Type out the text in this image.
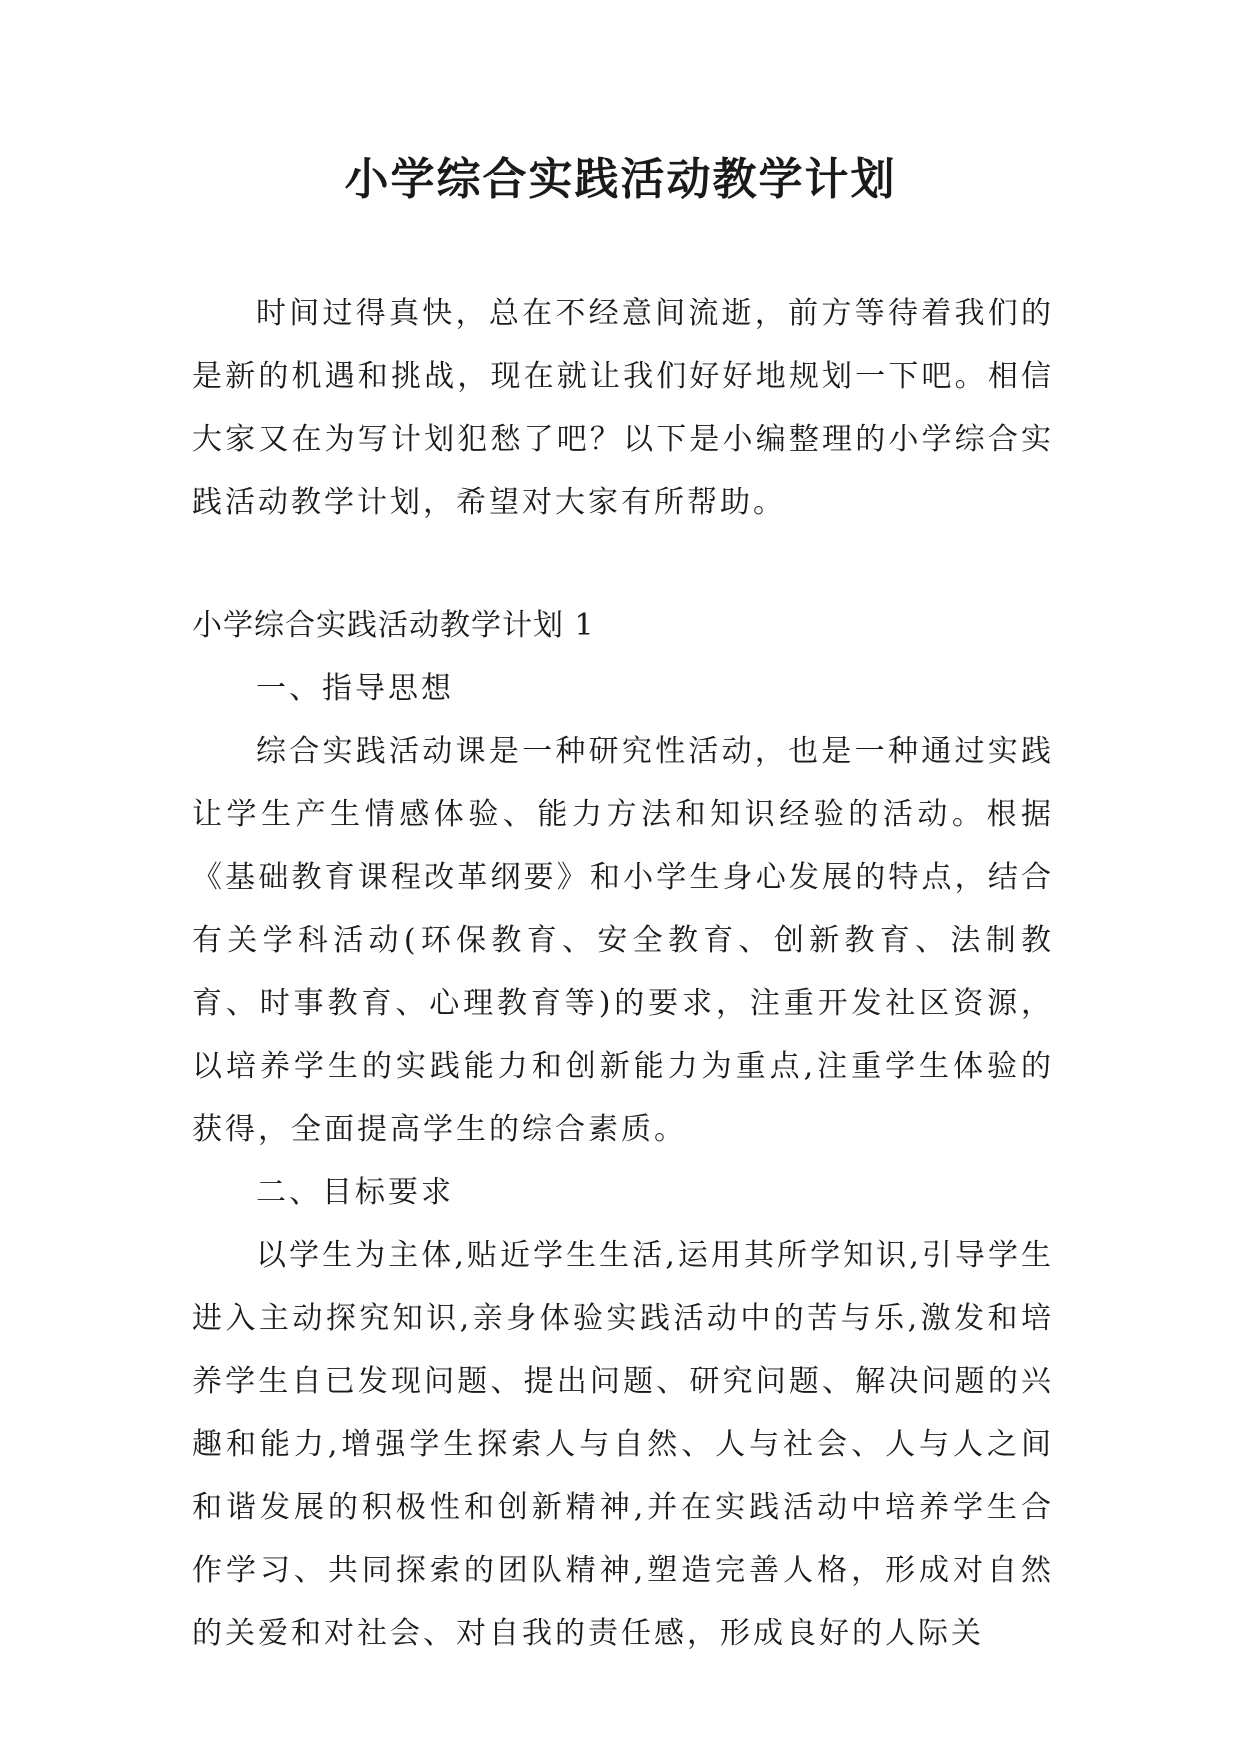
小学综合实践活动教学计划

时间过得真快，总在不经意间流逝，前方等待着我们的是新的机遇和挑战，现在就让我们好好地规划一下吧。相信大家又在为写计划犯愁了吧？以下是小编整理的小学综合实践活动教学计划，希望对大家有所帮助。

小学综合实践活动教学计划 1

一、指导思想

综合实践活动课是一种研究性活动，也是一种通过实践让学生产生情感体验、能力方法和知识经验的活动。根据《基础教育课程改革纲要》和小学生身心发展的特点，结合有关学科活动(环保教育、安全教育、创新教育、法制教育、时事教育、心理教育等)的要求，注重开发社区资源，以培养学生的实践能力和创新能力为重点,注重学生体验的获得，全面提高学生的综合素质。

二、目标要求

以学生为主体,贴近学生生活,运用其所学知识,引导学生进入主动探究知识,亲身体验实践活动中的苦与乐,激发和培养学生自已发现问题、提出问题、研究问题、解决问题的兴趣和能力,增强学生探索人与自然、人与社会、人与人之间和谐发展的积极性和创新精神,并在实践活动中培养学生合作学习、共同探索的团队精神,塑造完善人格，形成对自然的关爱和对社会、对自我的责任感，形成良好的人际关
